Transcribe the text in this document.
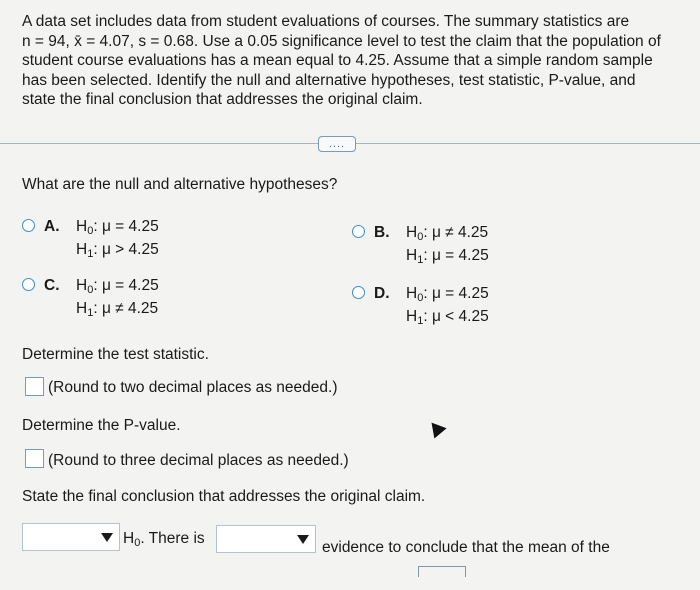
A data set includes data from student evaluations of courses. The summary statistics are
n = 94, x̄ = 4.07, s = 0.68. Use a 0.05 significance level to test the claim that the population of
student course evaluations has a mean equal to 4.25. Assume that a simple random sample
has been selected. Identify the null and alternative hypotheses, test statistic, P-value, and
state the final conclusion that addresses the original claim.
....
What are the null and alternative hypotheses?
A. H0: μ = 4.25
H1: μ > 4.25
B. H0: μ ≠ 4.25
H1: μ = 4.25
C. H0: μ = 4.25
H1: μ ≠ 4.25
D. H0: μ = 4.25
H1: μ < 4.25
Determine the test statistic.
(Round to two decimal places as needed.)
Determine the P-value.
(Round to three decimal places as needed.)
State the final conclusion that addresses the original claim.
H0. There is
evidence to conclude that the mean of the
